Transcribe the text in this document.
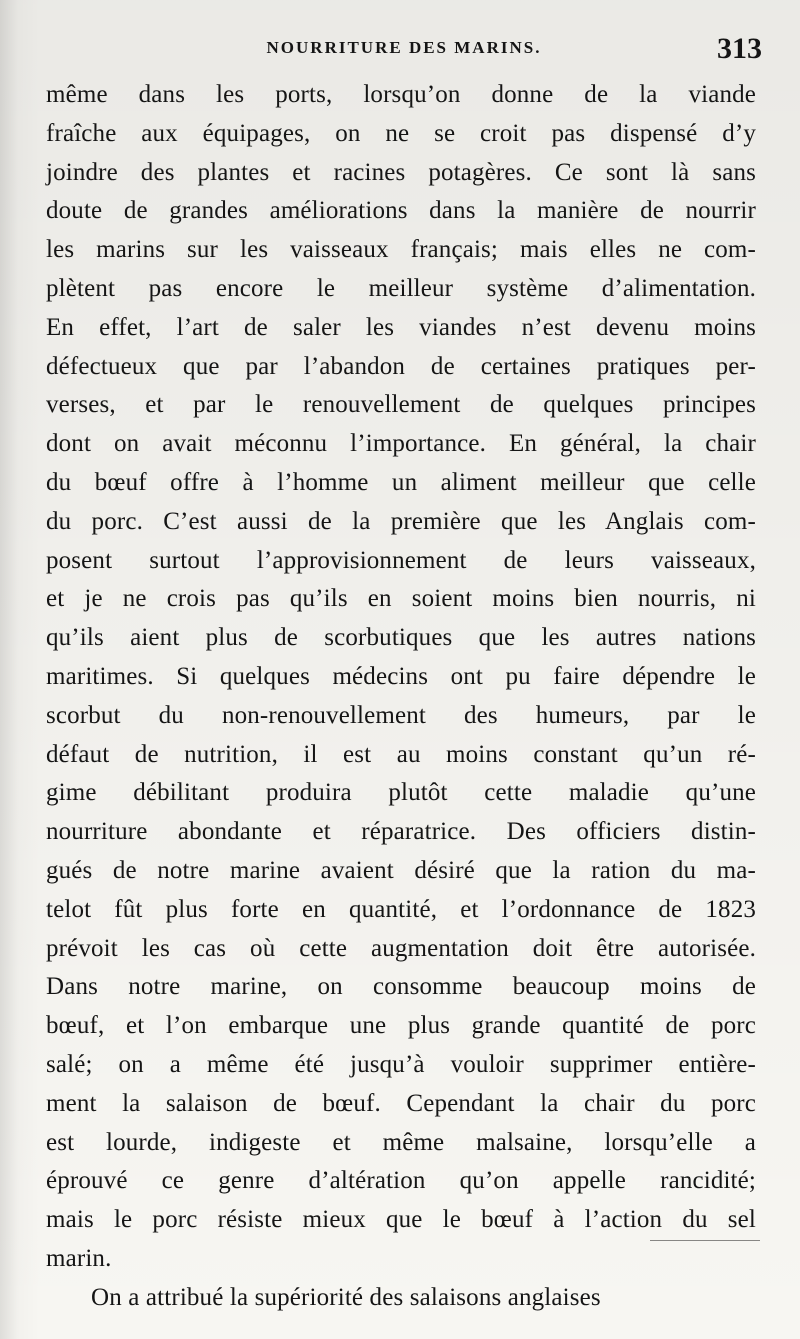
NOURRITURE DES MARINS.	313
même dans les ports, lorsqu’on donne de la viande
fraîche aux équipages, on ne se croit pas dispensé d’y
joindre des plantes et racines potagères. Ce sont là sans
doute de grandes améliorations dans la manière de nourrir
les marins sur les vaisseaux français; mais elles ne com-
plètent pas encore le meilleur système d’alimentation.
En effet, l’art de saler les viandes n’est devenu moins
défectueux que par l’abandon de certaines pratiques per-
verses, et par le renouvellement de quelques principes
dont on avait méconnu l’importance. En général, la chair
du bœuf offre à l’homme un aliment meilleur que celle
du porc. C’est aussi de la première que les Anglais com-
posent surtout l’approvisionnement de leurs vaisseaux,
et je ne crois pas qu’ils en soient moins bien nourris, ni
qu’ils aient plus de scorbutiques que les autres nations
maritimes. Si quelques médecins ont pu faire dépendre le
scorbut du non-renouvellement des humeurs, par le
défaut de nutrition, il est au moins constant qu’un ré-
gime débilitant produira plutôt cette maladie qu’une
nourriture abondante et réparatrice. Des officiers distin-
gués de notre marine avaient désiré que la ration du ma-
telot fût plus forte en quantité, et l’ordonnance de 1823
prévoit les cas où cette augmentation doit être autorisée.
Dans notre marine, on consomme beaucoup moins de
bœuf, et l’on embarque une plus grande quantité de porc
salé; on a même été jusqu’à vouloir supprimer entière-
ment la salaison de bœuf. Cependant la chair du porc
est lourde, indigeste et même malsaine, lorsqu’elle a
éprouvé ce genre d’altération qu’on appelle rancidité;
mais le porc résiste mieux que le bœuf à l’action du sel
marin.
On a attribué la supériorité des salaisons anglaises
